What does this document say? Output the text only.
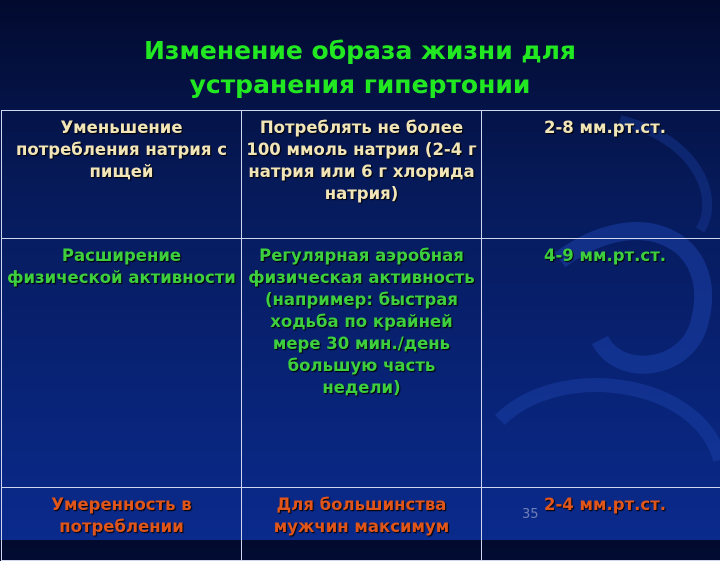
Изменение образа жизни для
устранения гипертонии
Уменьшение потребления натрия с пищей	Потреблять не более 100 ммоль натрия (2-4 г натрия или 6 г хлорида натрия)	2-8 мм.рт.ст.
Расширение физической активности	Регулярная аэробная физическая активность (например: быстрая ходьба по крайней мере 30 мин./день большую часть недели)	4-9 мм.рт.ст.
Умеренность в потреблении	Для большинства мужчин максимум	2-4 мм.рт.ст.
35
